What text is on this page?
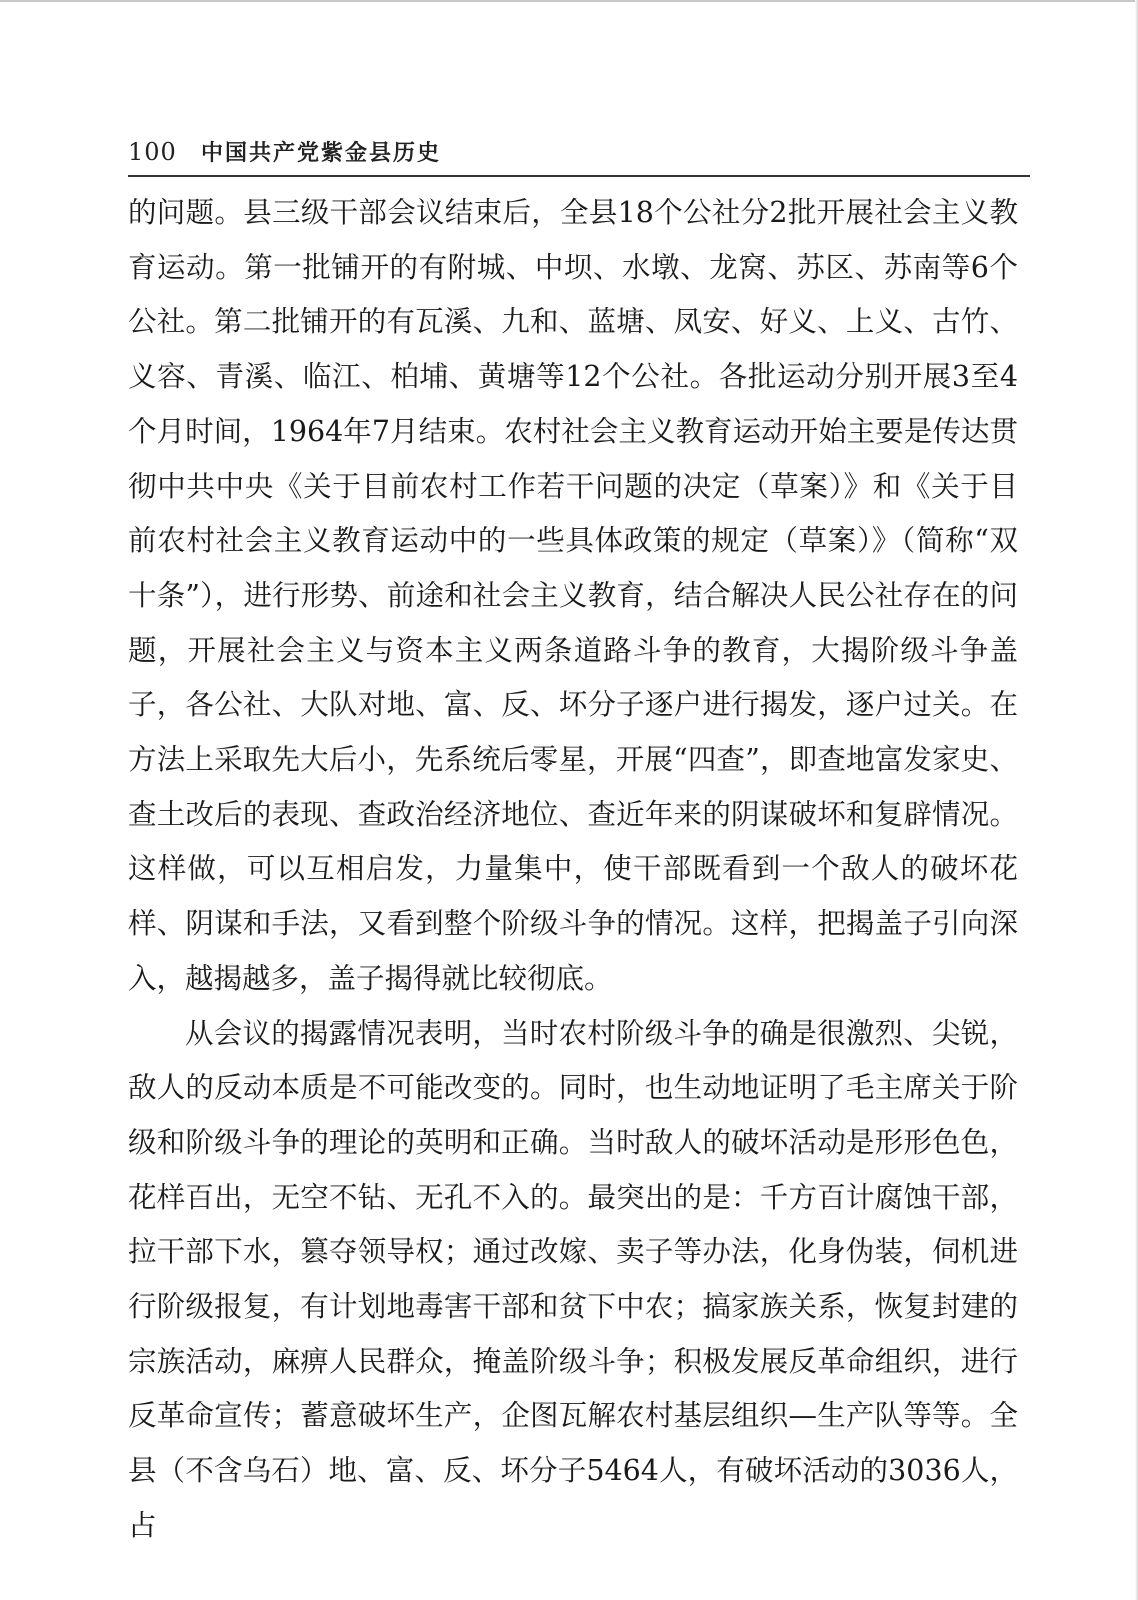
100 中国共产党紫金县历史

的问题。县三级干部会议结束后，全县18个公社分2批开展社会主义教育运动。第一批铺开的有附城、中坝、水墩、龙窝、苏区、苏南等6个公社。第二批铺开的有瓦溪、九和、蓝塘、凤安、好义、上义、古竹、义容、青溪、临江、柏埔、黄塘等12个公社。各批运动分别开展3至4个月时间，1964年7月结束。农村社会主义教育运动开始主要是传达贯彻中共中央《关于目前农村工作若干问题的决定（草案）》和《关于目前农村社会主义教育运动中的一些具体政策的规定（草案）》（简称“双十条”），进行形势、前途和社会主义教育，结合解决人民公社存在的问题，开展社会主义与资本主义两条道路斗争的教育，大揭阶级斗争盖子，各公社、大队对地、富、反、坏分子逐户进行揭发，逐户过关。在方法上采取先大后小，先系统后零星，开展“四查”，即查地富发家史、查土改后的表现、查政治经济地位、查近年来的阴谋破坏和复辟情况。这样做，可以互相启发，力量集中，使干部既看到一个敌人的破坏花样、阴谋和手法，又看到整个阶级斗争的情况。这样，把揭盖子引向深入，越揭越多，盖子揭得就比较彻底。

从会议的揭露情况表明，当时农村阶级斗争的确是很激烈、尖锐，敌人的反动本质是不可能改变的。同时，也生动地证明了毛主席关于阶级和阶级斗争的理论的英明和正确。当时敌人的破坏活动是形形色色，花样百出，无空不钻、无孔不入的。最突出的是：千方百计腐蚀干部，拉干部下水，篡夺领导权；通过改嫁、卖子等办法，化身伪装，伺机进行阶级报复，有计划地毒害干部和贫下中农；搞家族关系，恢复封建的宗族活动，麻痹人民群众，掩盖阶级斗争；积极发展反革命组织，进行反革命宣传；蓄意破坏生产，企图瓦解农村基层组织—生产队等等。全县（不含乌石）地、富、反、坏分子5464人，有破坏活动的3036人，占
